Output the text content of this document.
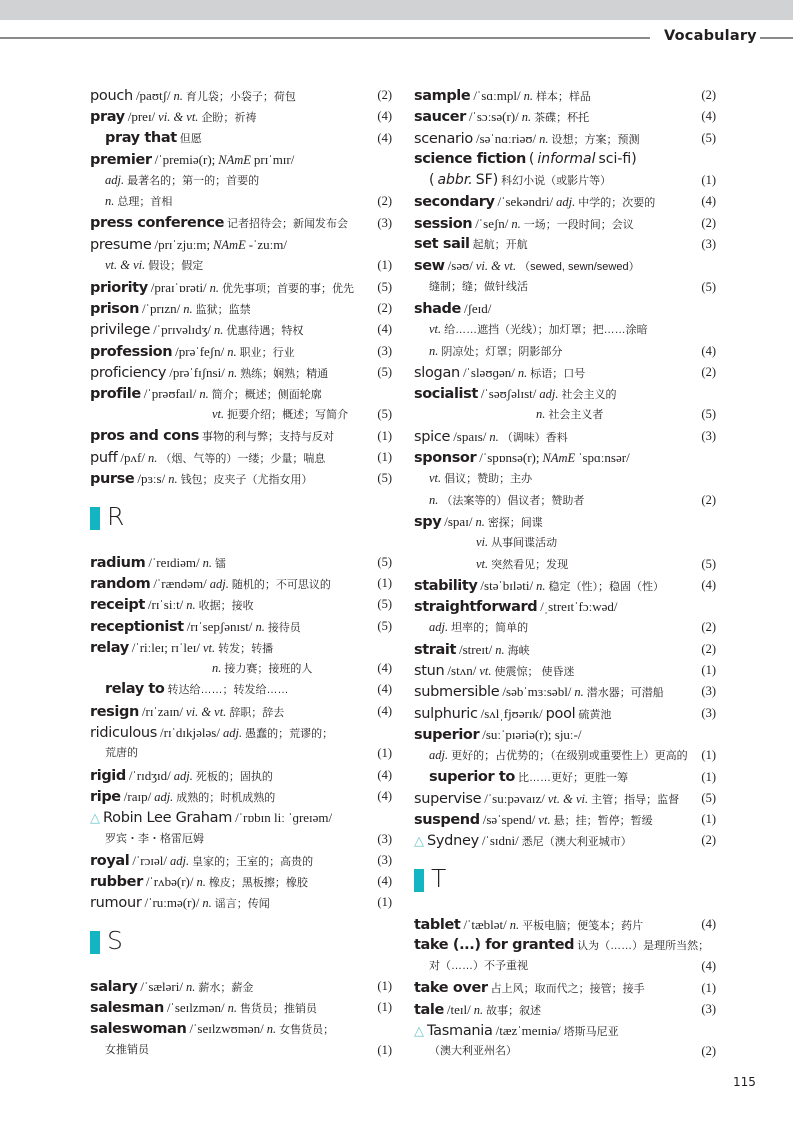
Vocabulary
pouch /paʊtʃ/ n. 育儿袋；小袋子；荷包	(2)
pray /preɪ/ vi. & vt. 企盼；祈祷	(4)
pray that 但愿	(4)
premier /ˈpremiə(r); NAmE prɪˈmɪr/
adj. 最著名的；第一的；首要的
n. 总理；首相	(2)
press conference 记者招待会；新闻发布会 (3)
presume /prɪˈzjuːm; NAmE -ˈzuːm/
vt. & vi. 假设；假定	(1)
priority /praɪˈɒrəti/ n. 优先事项；首要的事；优先 (5)
prison /ˈprɪzn/ n. 监狱；监禁	(2)
privilege /ˈprɪvəlɪdʒ/ n. 优惠待遇；特权	(4)
profession /prəˈfeʃn/ n. 职业；行业	(3)
proficiency /prəˈfɪʃnsi/ n. 熟练；娴熟；精通	(5)
profile /ˈprəʊfaɪl/ n. 简介；概述；侧面轮廓
vt. 扼要介绍；概述；写简介 (5)
pros and cons 事物的利与弊；支持与反对	(1)
puff /pʌf/ n. （烟、气等的）一缕；少量；喘息	(1)
purse /pɜːs/ n. 钱包；皮夹子（尤指女用）	(5)
R
radium /ˈreɪdiəm/ n. 镭	(5)
random /ˈrændəm/ adj. 随机的；不可思议的	(1)
receipt /rɪˈsiːt/ n. 收据；接收	(5)
receptionist /rɪˈsepʃənɪst/ n. 接待员	(5)
relay /ˈriːleɪ; rɪˈleɪ/ vt. 转发；转播
n. 接力赛；接班的人	(4)
relay to 转达给……；转发给……	(4)
resign /rɪˈzaɪn/ vi. & vt. 辞职；辞去	(4)
ridiculous /rɪˈdɪkjələs/ adj. 愚蠢的；荒谬的；
荒唐的	(1)
rigid /ˈrɪdʒɪd/ adj. 死板的；固执的	(4)
ripe /raɪp/ adj. 成熟的；时机成熟的	(4)
△ Robin Lee Graham /ˈrɒbɪn liː ˈɡreɪəm/
罗宾・李・格雷厄姆	(3)
royal /ˈrɔɪəl/ adj. 皇家的；王室的；高贵的	(3)
rubber /ˈrʌbə(r)/ n. 橡皮；黑板擦；橡胶	(4)
rumour /ˈruːmə(r)/ n. 谣言；传闻	(1)
S
salary /ˈsæləri/ n. 薪水；薪金	(1)
salesman /ˈseɪlzmən/ n. 售货员；推销员	(1)
saleswoman /ˈseɪlzwʊmən/ n. 女售货员；
女推销员	(1)
sample /ˈsɑːmpl/ n. 样本；样品	(2)
saucer /ˈsɔːsə(r)/ n. 茶碟；杯托	(4)
scenario /səˈnɑːriəʊ/ n. 设想；方案；预测	(5)
science fiction ( informal sci-fi)
( abbr. SF) 科幻小说（或影片等）	(1)
secondary /ˈsekəndri/ adj. 中学的；次要的	(4)
session /ˈseʃn/ n. 一场；一段时间；会议	(2)
set sail 起航；开航	(3)
sew /səʊ/ vi. & vt. （sewed, sewn/sewed）
缝制；缝；做针线活	(5)
shade /ʃeɪd/
vt. 给……遮挡（光线）；加灯罩；把……涂暗
n. 阴凉处；灯罩；阴影部分	(4)
slogan /ˈsləʊɡən/ n. 标语；口号	(2)
socialist /ˈsəʊʃəlɪst/ adj. 社会主义的
n. 社会主义者	(5)
spice /spaɪs/ n. （调味）香料	(3)
sponsor /ˈspɒnsə(r); NAmE ˈspɑːnsər/
vt. 倡议；赞助；主办
n. （法案等的）倡议者；赞助者	(2)
spy /spaɪ/ n. 密探；间谍
vi. 从事间谍活动
vt. 突然看见；发现	(5)
stability /stəˈbɪləti/ n. 稳定（性）；稳固（性）	(4)
straightforward /ˌstreɪtˈfɔːwəd/
adj. 坦率的；简单的	(2)
strait /streɪt/ n. 海峡	(2)
stun /stʌn/ vt. 使震惊； 使昏迷	(1)
submersible /səbˈmɜːsəbl/ n. 潜水器；可潜船	(3)
sulphuric /sʌlˌfjʊərɪk/ pool 硫黄池	(3)
superior /suːˈpɪəriə(r); sjuː-/
adj. 更好的；占优势的；（在级别或重要性上）更高的 (1)
superior to 比……更好；更胜一筹	(1)
supervise /ˈsuːpəvaɪz/ vt. & vi. 主管；指导；监督 (5)
suspend /səˈspend/ vt. 悬；挂；暂停；暂缓	(1)
△ Sydney /ˈsɪdni/ 悉尼（澳大利亚城市）	(2)
T
tablet /ˈtæblət/ n. 平板电脑；便笺本；药片	(4)
take (...) for granted 认为（……）是理所当然；
对（……）不予重视	(4)
take over 占上风；取而代之；接管；接手	(1)
tale /teɪl/ n. 故事；叙述	(3)
△ Tasmania /tæzˈmeɪniə/ 塔斯马尼亚
（澳大利亚州名）	(2)
115
